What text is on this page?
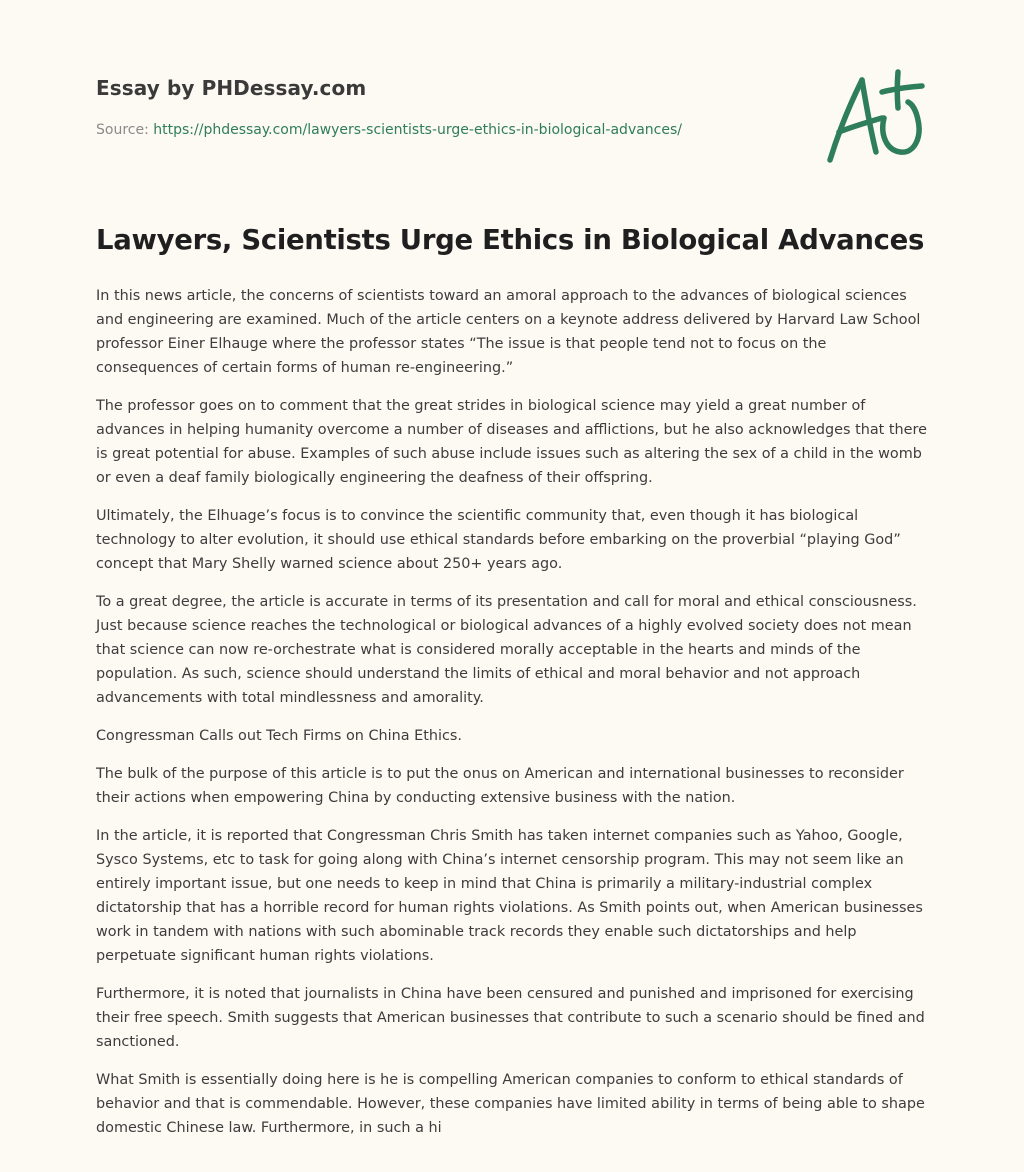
Essay by PHDessay.com
Source: https://phdessay.com/lawyers-scientists-urge-ethics-in-biological-advances/
Lawyers, Scientists Urge Ethics in Biological Advances

In this news article, the concerns of scientists toward an amoral approach to the advances of biological sciences and engineering are examined. Much of the article centers on a keynote address delivered by Harvard Law School professor Einer Elhauge where the professor states “The issue is that people tend not to focus on the consequences of certain forms of human re-engineering.”

The professor goes on to comment that the great strides in biological science may yield a great number of advances in helping humanity overcome a number of diseases and afflictions, but he also acknowledges that there is great potential for abuse. Examples of such abuse include issues such as altering the sex of a child in the womb or even a deaf family biologically engineering the deafness of their offspring.

Ultimately, the Elhuage’s focus is to convince the scientific community that, even though it has biological technology to alter evolution, it should use ethical standards before embarking on the proverbial “playing God” concept that Mary Shelly warned science about 250+ years ago.

To a great degree, the article is accurate in terms of its presentation and call for moral and ethical consciousness. Just because science reaches the technological or biological advances of a highly evolved society does not mean that science can now re-orchestrate what is considered morally acceptable in the hearts and minds of the population. As such, science should understand the limits of ethical and moral behavior and not approach advancements with total mindlessness and amorality.

Congressman Calls out Tech Firms on China Ethics.

The bulk of the purpose of this article is to put the onus on American and international businesses to reconsider their actions when empowering China by conducting extensive business with the nation.

In the article, it is reported that Congressman Chris Smith has taken internet companies such as Yahoo, Google, Sysco Systems, etc to task for going along with China’s internet censorship program. This may not seem like an entirely important issue, but one needs to keep in mind that China is primarily a military-industrial complex dictatorship that has a horrible record for human rights violations. As Smith points out, when American businesses work in tandem with nations with such abominable track records they enable such dictatorships and help perpetuate significant human rights violations.

Furthermore, it is noted that journalists in China have been censured and punished and imprisoned for exercising their free speech. Smith suggests that American businesses that contribute to such a scenario should be fined and sanctioned.

What Smith is essentially doing here is he is compelling American companies to conform to ethical standards of behavior and that is commendable. However, these companies have limited ability in terms of being able to shape domestic Chinese law. Furthermore, in such a hi
